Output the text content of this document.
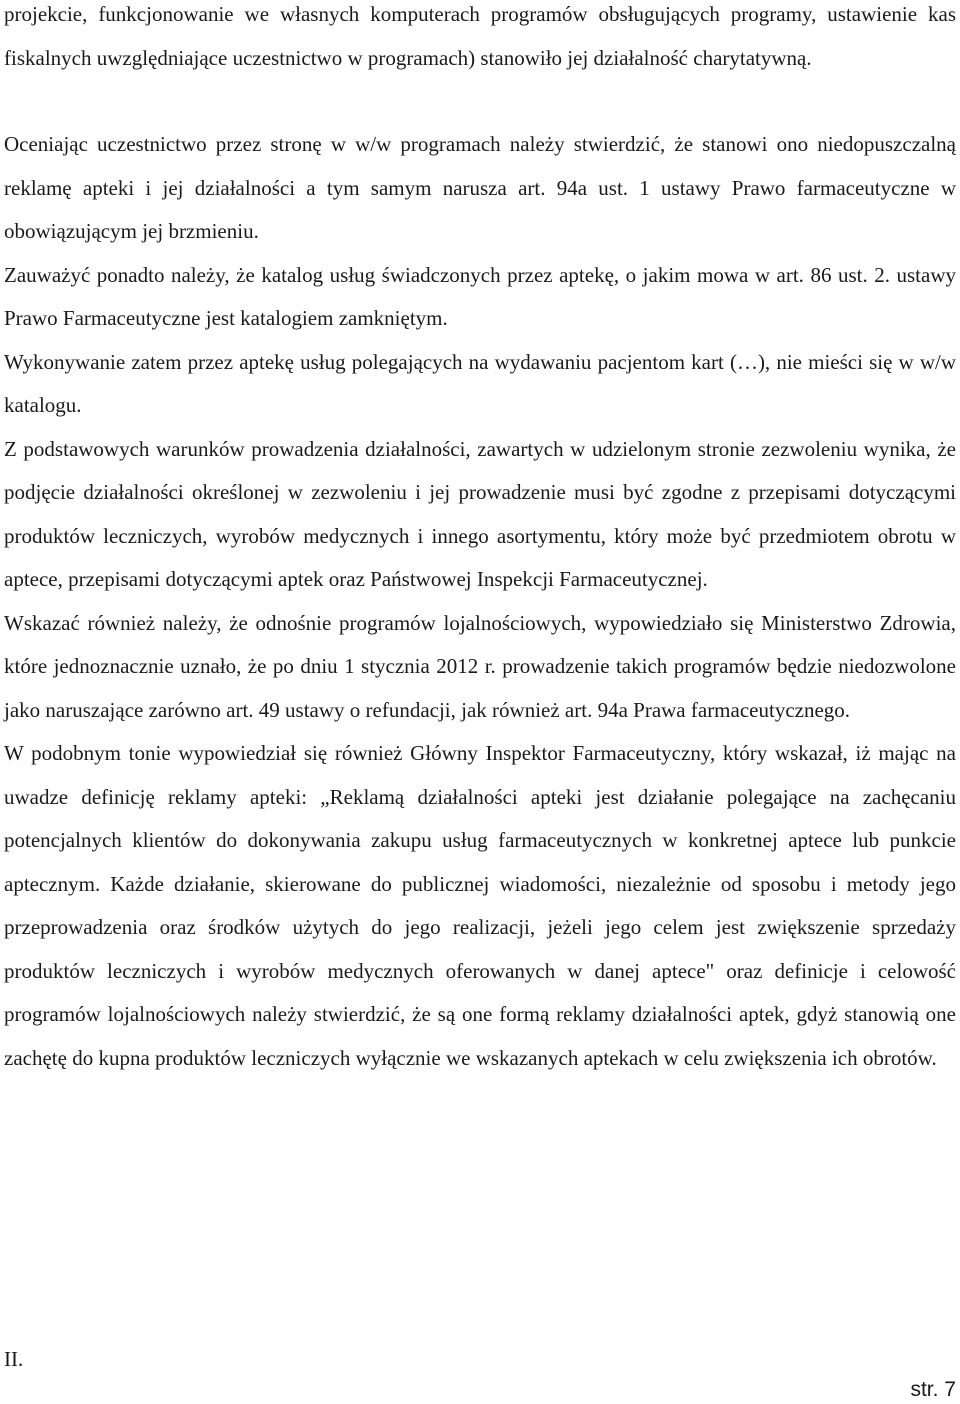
projekcie, funkcjonowanie we własnych komputerach programów obsługujących programy, ustawienie kas fiskalnych uwzględniające uczestnictwo w programach) stanowiło jej działalność charytatywną.

Oceniając uczestnictwo przez stronę w w/w programach należy stwierdzić, że stanowi ono niedopuszczalną reklamę apteki i jej działalności a tym samym narusza art. 94a ust. 1 ustawy Prawo farmaceutyczne w obowiązującym jej brzmieniu.

Zauważyć ponadto należy, że katalog usług świadczonych przez aptekę, o jakim mowa w art. 86 ust. 2. ustawy Prawo Farmaceutyczne jest katalogiem zamkniętym.

Wykonywanie zatem przez aptekę usług polegających na wydawaniu pacjentom kart (…), nie mieści się w w/w katalogu.

Z podstawowych warunków prowadzenia działalności, zawartych w udzielonym stronie zezwoleniu wynika, że podjęcie działalności określonej w zezwoleniu i jej prowadzenie musi być zgodne z przepisami dotyczącymi produktów leczniczych, wyrobów medycznych i innego asortymentu, który może być przedmiotem obrotu w aptece, przepisami dotyczącymi aptek oraz Państwowej Inspekcji Farmaceutycznej.

Wskazać również należy, że odnośnie programów lojalnościowych, wypowiedziało się Ministerstwo Zdrowia, które jednoznacznie uznało, że po dniu 1 stycznia 2012 r. prowadzenie takich programów będzie niedozwolone jako naruszające zarówno art. 49 ustawy o refundacji, jak również art. 94a Prawa farmaceutycznego.

W podobnym tonie wypowiedział się również Główny Inspektor Farmaceutyczny, który wskazał, iż mając na uwadze definicję reklamy apteki: „Reklamą działalności apteki jest działanie polegające na zachęcaniu potencjalnych klientów do dokonywania zakupu usług farmaceutycznych w konkretnej aptece lub punkcie aptecznym. Każde działanie, skierowane do publicznej wiadomości, niezależnie od sposobu i metody jego przeprowadzenia oraz środków użytych do jego realizacji, jeżeli jego celem jest zwiększenie sprzedaży produktów leczniczych i wyrobów medycznych oferowanych w danej aptece" oraz definicje i celowość programów lojalnościowych należy stwierdzić, że są one formą reklamy działalności aptek, gdyż stanowią one zachętę do kupna produktów leczniczych wyłącznie we wskazanych aptekach w celu zwiększenia ich obrotów.

II.

str. 7
